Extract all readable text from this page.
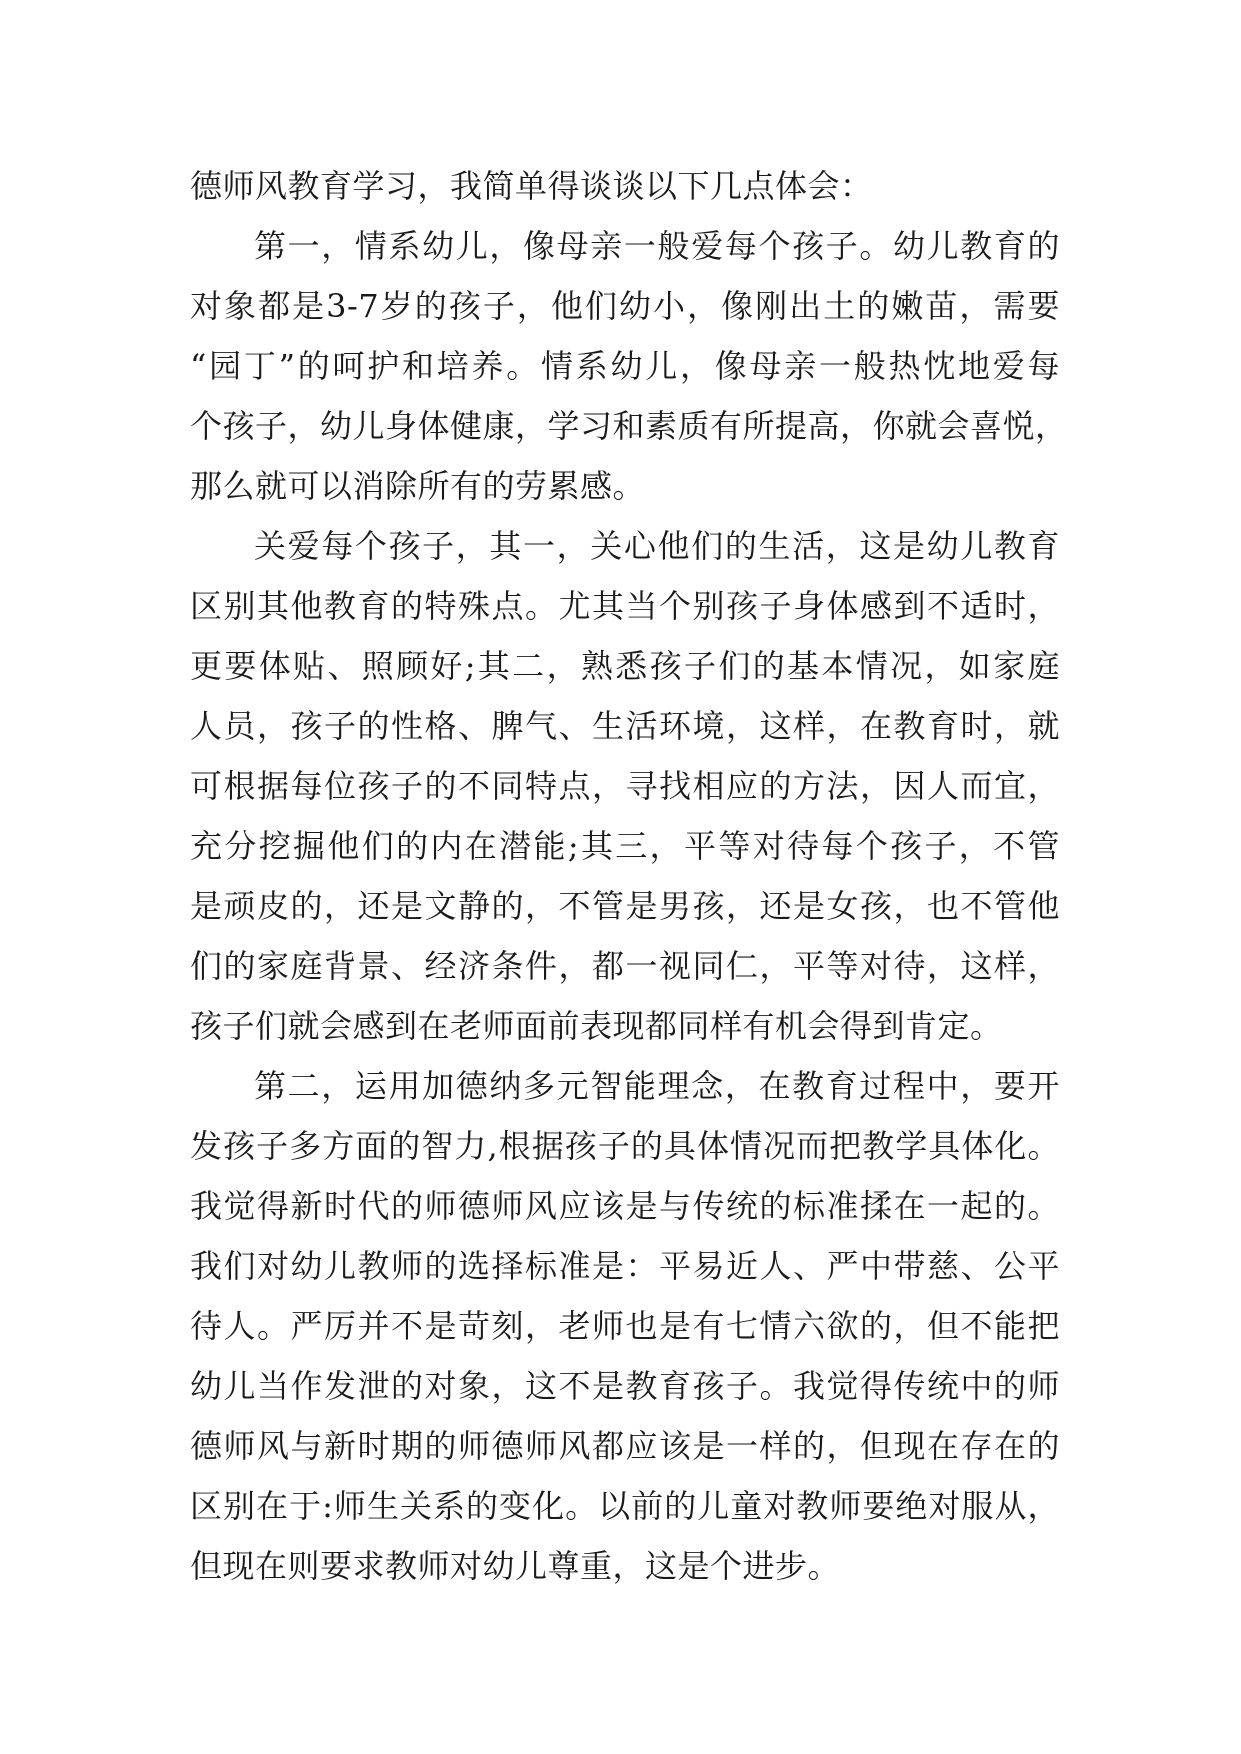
德师风教育学习，我简单得谈谈以下几点体会：
第一，情系幼儿，像母亲一般爱每个孩子。幼儿教育的
对象都是3-7岁的孩子，他们幼小，像刚出土的嫩苗，需要
“园丁”的呵护和培养。情系幼儿，像母亲一般热忱地爱每
个孩子，幼儿身体健康，学习和素质有所提高，你就会喜悦，
那么就可以消除所有的劳累感。
关爱每个孩子，其一，关心他们的生活，这是幼儿教育
区别其他教育的特殊点。尤其当个别孩子身体感到不适时，
更要体贴、照顾好;其二，熟悉孩子们的基本情况，如家庭
人员，孩子的性格、脾气、生活环境，这样，在教育时，就
可根据每位孩子的不同特点，寻找相应的方法，因人而宜，
充分挖掘他们的内在潜能;其三，平等对待每个孩子，不管
是顽皮的，还是文静的，不管是男孩，还是女孩，也不管他
们的家庭背景、经济条件，都一视同仁，平等对待，这样，
孩子们就会感到在老师面前表现都同样有机会得到肯定。
第二，运用加德纳多元智能理念，在教育过程中，要开
发孩子多方面的智力,根据孩子的具体情况而把教学具体化。
我觉得新时代的师德师风应该是与传统的标准揉在一起的。
我们对幼儿教师的选择标准是：平易近人、严中带慈、公平
待人。严厉并不是苛刻，老师也是有七情六欲的，但不能把
幼儿当作发泄的对象，这不是教育孩子。我觉得传统中的师
德师风与新时期的师德师风都应该是一样的，但现在存在的
区别在于:师生关系的变化。以前的儿童对教师要绝对服从，
但现在则要求教师对幼儿尊重，这是个进步。
